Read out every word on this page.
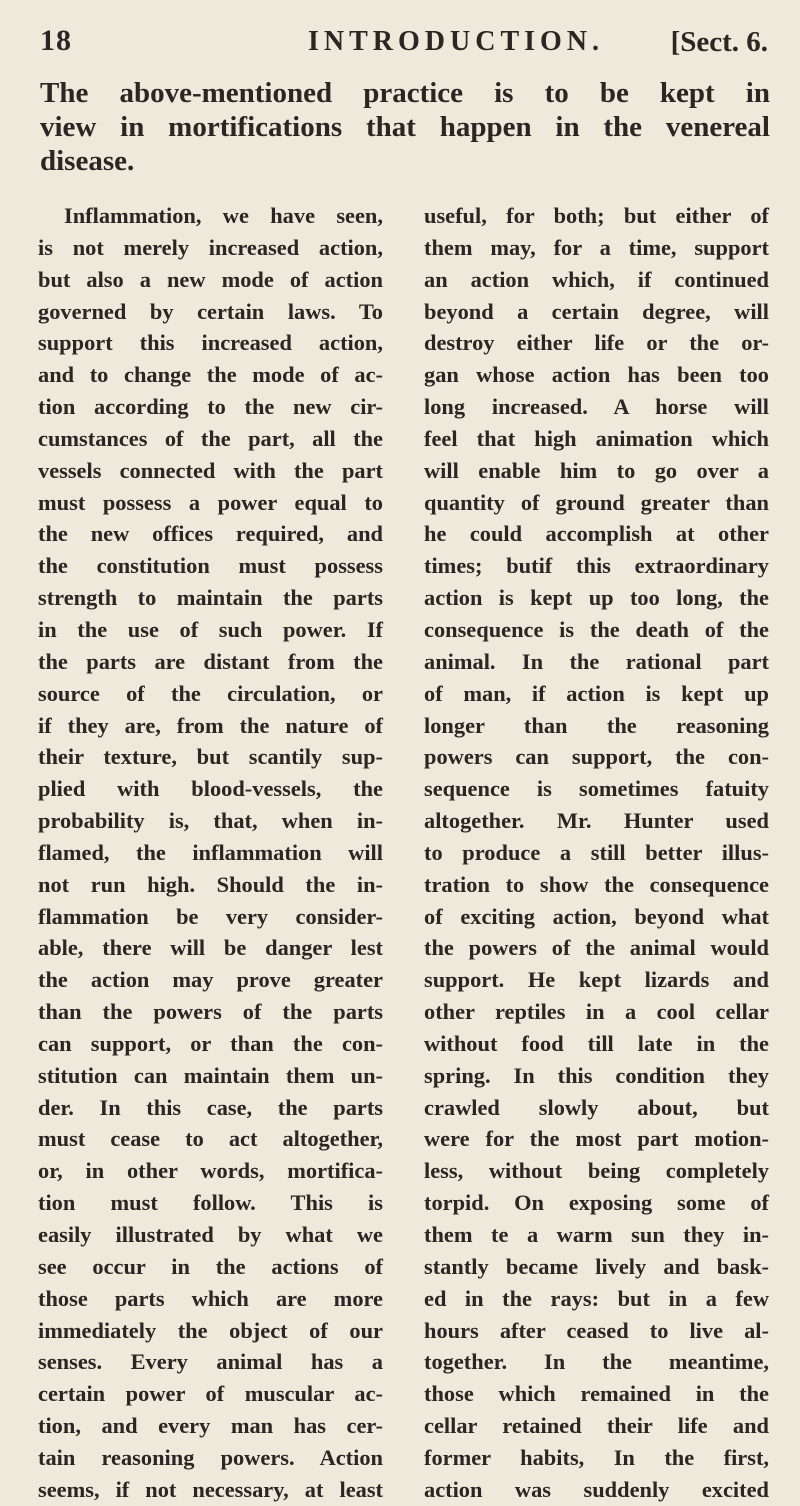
18	INTRODUCTION. [Sect. 6.
The above-mentioned practice is to be kept in
view in mortifications that happen in the venereal
disease.
Inflammation, we have seen,
is not merely increased action,
but also a new mode of action
governed by certain laws. To
support this increased action,
and to change the mode of ac-
tion according to the new cir-
cumstances of the part, all the
vessels connected with the part
must possess a power equal to
the new offices required, and
the constitution must possess
strength to maintain the parts
in the use of such power. If
the parts are distant from the
source of the circulation, or
if they are, from the nature of
their texture, but scantily sup-
plied with blood-vessels, the
probability is, that, when in-
flamed, the inflammation will
not run high. Should the in-
flammation be very consider-
able, there will be danger lest
the action may prove greater
than the powers of the parts
can support, or than the con-
stitution can maintain them un-
der. In this case, the parts
must cease to act altogether,
or, in other words, mortifica-
tion must follow. This is
easily illustrated by what we
see occur in the actions of
those parts which are more
immediately the object of our
senses. Every animal has a
certain power of muscular ac-
tion, and every man has cer-
tain reasoning powers. Action
seems, if not necessary, at least
useful, for both; but either of
them may, for a time, support
an action which, if continued
beyond a certain degree, will
destroy either life or the or-
gan whose action has been too
long increased. A horse will
feel that high animation which
will enable him to go over a
quantity of ground greater than
he could accomplish at other
times; butif this extraordinary
action is kept up too long, the
consequence is the death of the
animal. In the rational part
of man, if action is kept up
longer than the reasoning
powers can support, the con-
sequence is sometimes fatuity
altogether. Mr. Hunter used
to produce a still better illus-
tration to show the consequence
of exciting action, beyond what
the powers of the animal would
support. He kept lizards and
other reptiles in a cool cellar
without food till late in the
spring. In this condition they
crawled slowly about, but
were for the most part motion-
less, without being completely
torpid. On exposing some of
them te a warm sun they in-
stantly became lively and bask-
ed in the rays: but in a few
hours after ceased to live al-
together. In the meantime,
those which remained in the
cellar retained their life and
former habits, In the first,
action was suddenly excited
